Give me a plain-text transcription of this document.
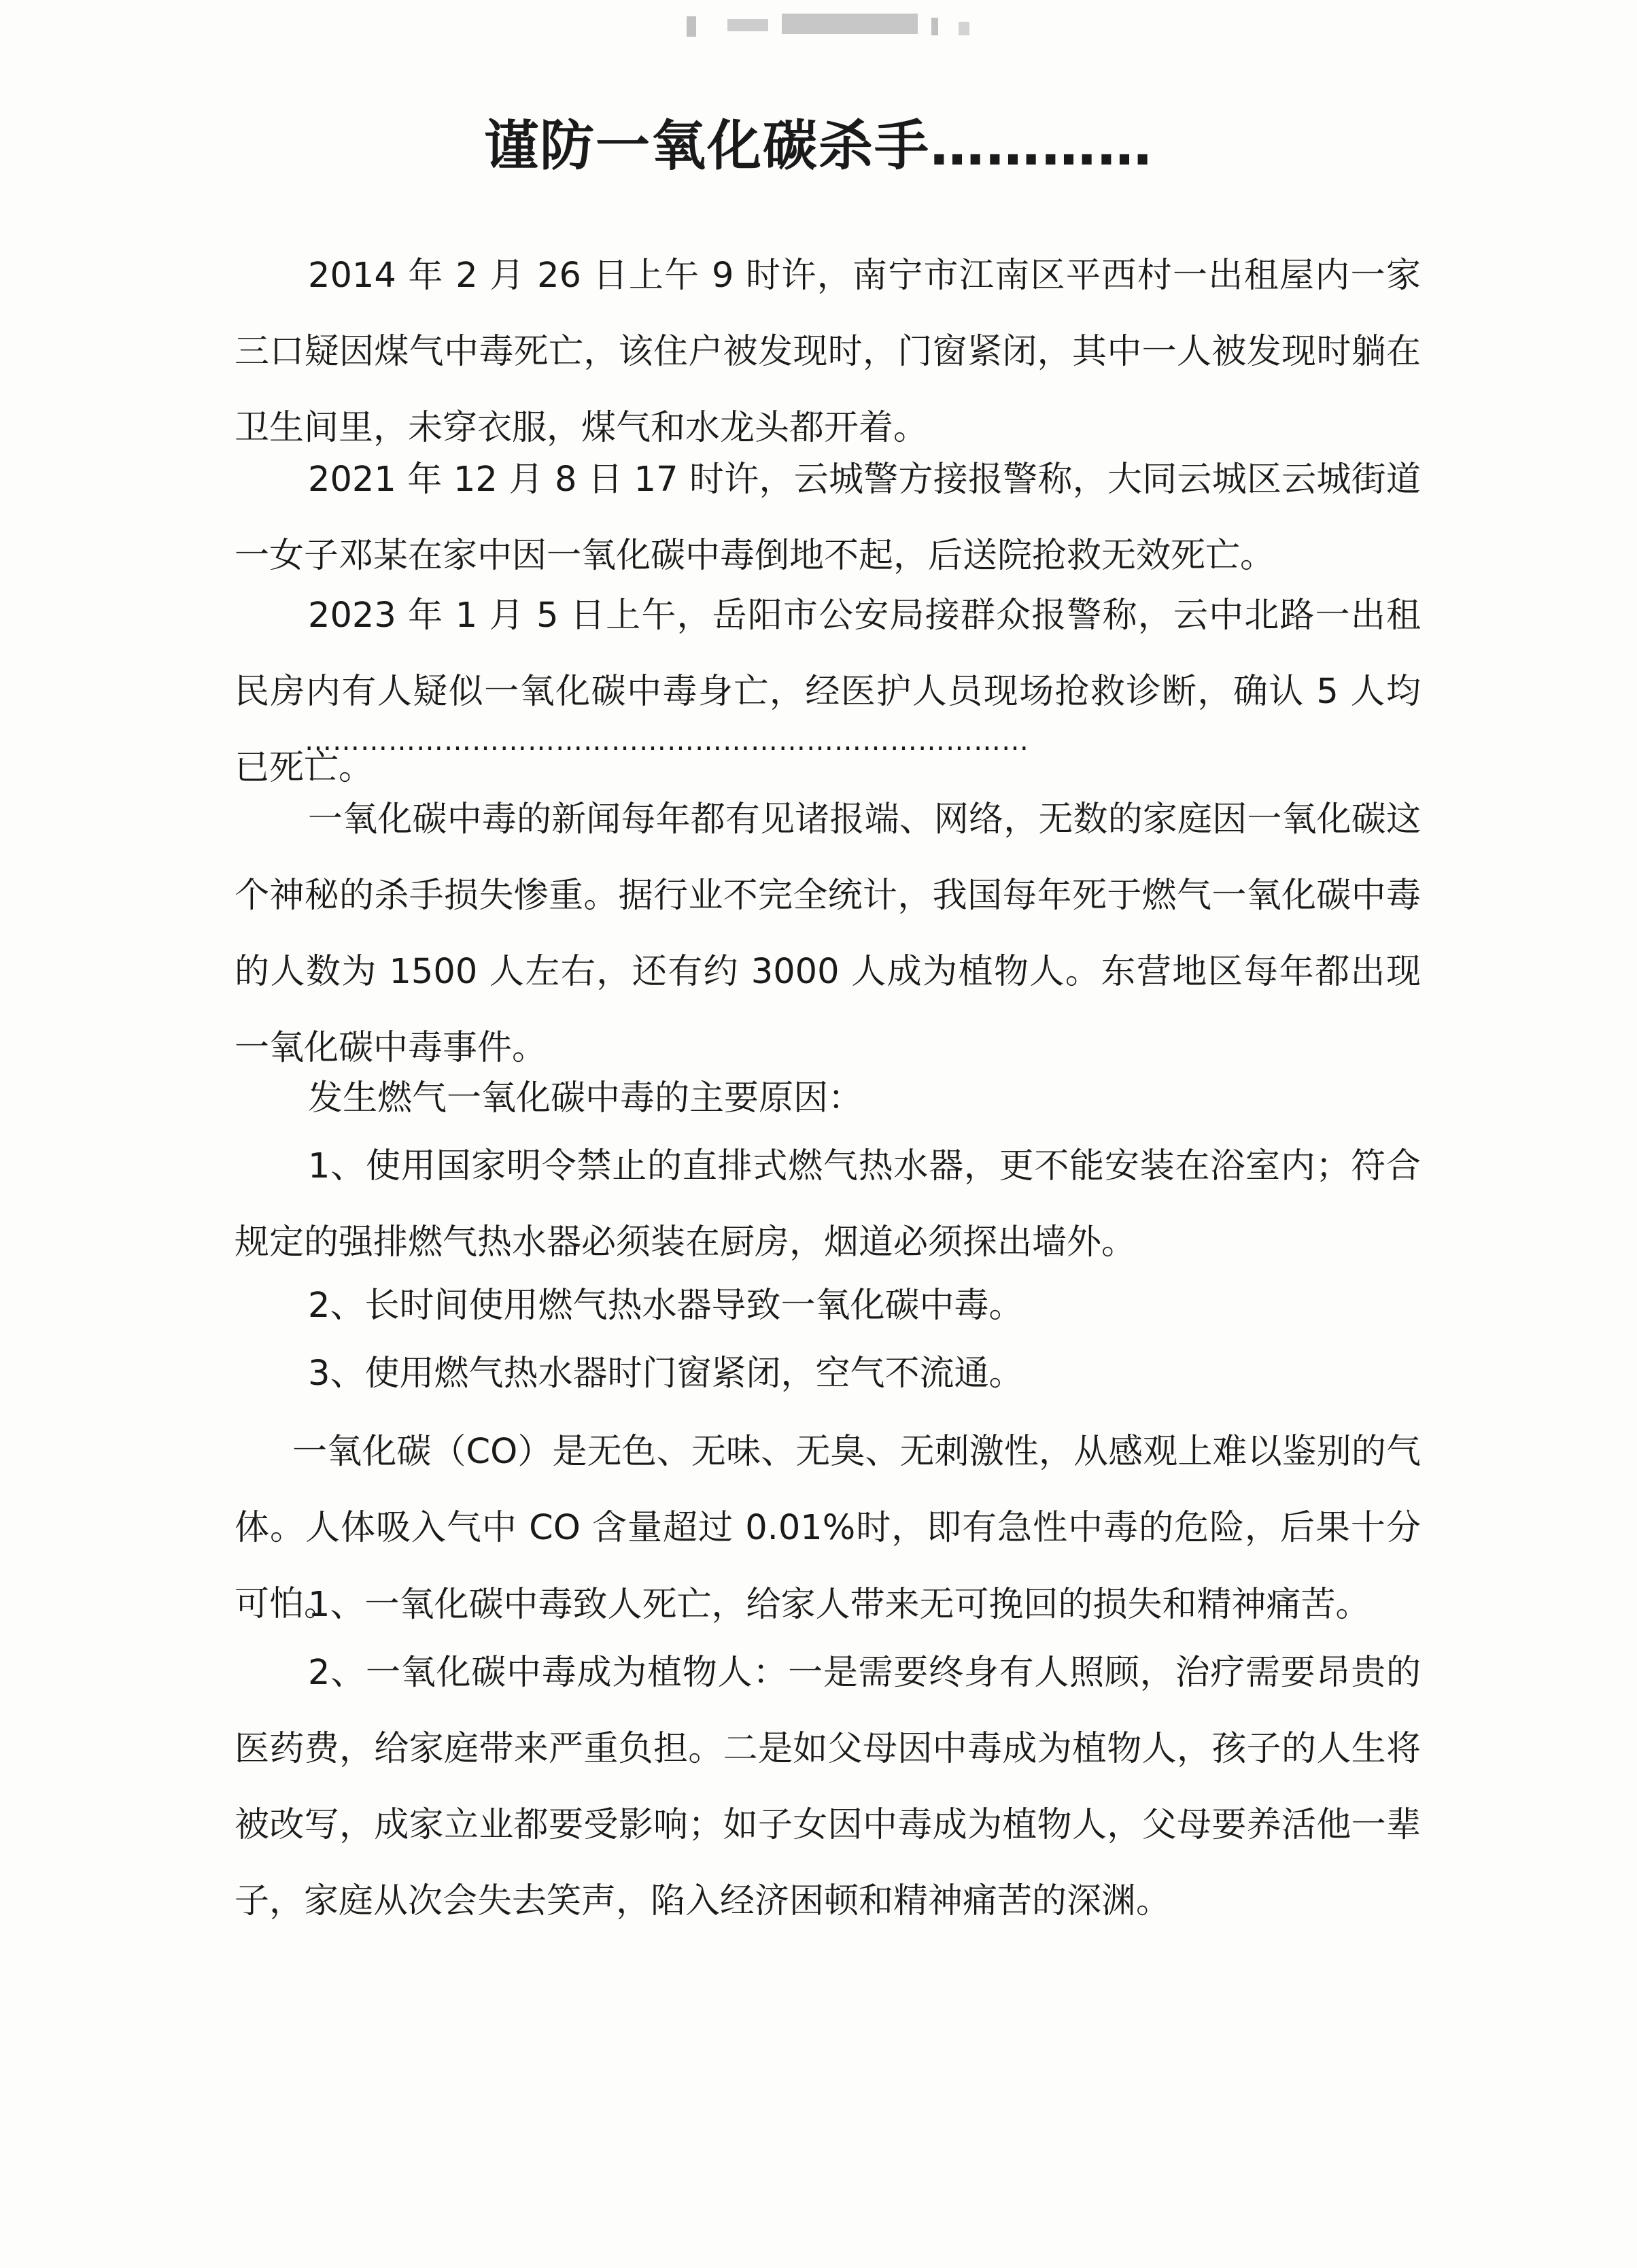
谨防一氧化碳杀手…………

2014 年 2 月 26 日上午 9 时许，南宁市江南区平西村一出租屋内一家三口疑因煤气中毒死亡，该住户被发现时，门窗紧闭，其中一人被发现时躺在卫生间里，未穿衣服，煤气和水龙头都开着。

2021 年 12 月 8 日 17 时许，云城警方接报警称，大同云城区云城街道一女子邓某在家中因一氧化碳中毒倒地不起，后送院抢救无效死亡。

2023 年 1 月 5 日上午，岳阳市公安局接群众报警称，云中北路一出租民房内有人疑似一氧化碳中毒身亡，经医护人员现场抢救诊断，确认 5 人均已死亡。

……………………………………………………………………

一氧化碳中毒的新闻每年都有见诸报端、网络，无数的家庭因一氧化碳这个神秘的杀手损失惨重。据行业不完全统计，我国每年死于燃气一氧化碳中毒的人数为 1500 人左右，还有约 3000 人成为植物人。东营地区每年都出现一氧化碳中毒事件。

发生燃气一氧化碳中毒的主要原因：

1、使用国家明令禁止的直排式燃气热水器，更不能安装在浴室内；符合规定的强排燃气热水器必须装在厨房，烟道必须探出墙外。

2、长时间使用燃气热水器导致一氧化碳中毒。

3、使用燃气热水器时门窗紧闭，空气不流通。

一氧化碳（CO）是无色、无味、无臭、无刺激性，从感观上难以鉴别的气体。人体吸入气中 CO 含量超过 0.01%时，即有急性中毒的危险，后果十分可怕。

1、一氧化碳中毒致人死亡，给家人带来无可挽回的损失和精神痛苦。

2、一氧化碳中毒成为植物人：一是需要终身有人照顾，治疗需要昂贵的医药费，给家庭带来严重负担。二是如父母因中毒成为植物人，孩子的人生将被改写，成家立业都要受影响；如子女因中毒成为植物人，父母要养活他一辈子，家庭从次会失去笑声，陷入经济困顿和精神痛苦的深渊。
